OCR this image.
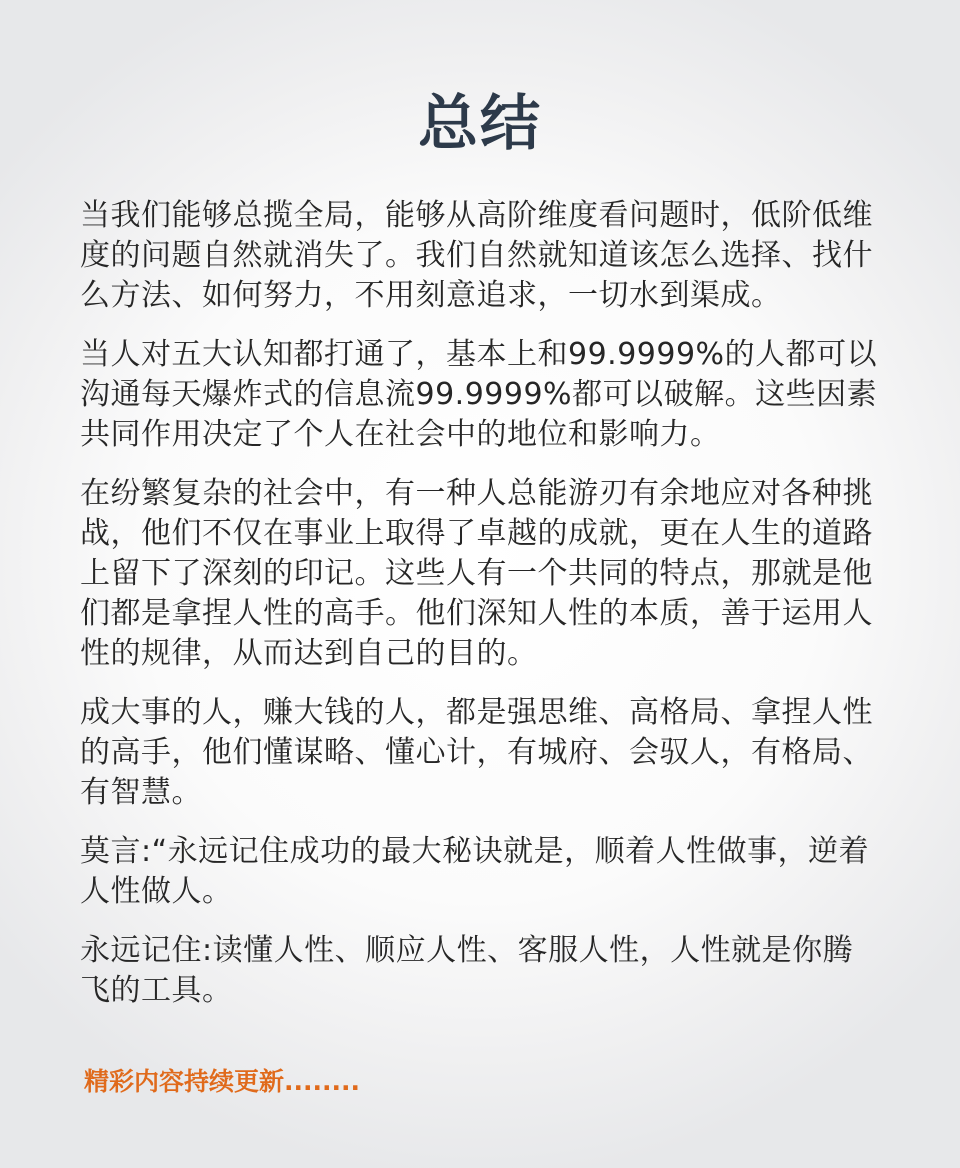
总结

当我们能够总揽全局，能够从高阶维度看问题时，低阶低维度的问题自然就消失了。我们自然就知道该怎么选择、找什么方法、如何努力，不用刻意追求，一切水到渠成。

当人对五大认知都打通了，基本上和99.9999%的人都可以沟通每天爆炸式的信息流99.9999%都可以破解。这些因素共同作用决定了个人在社会中的地位和影响力。

在纷繁复杂的社会中，有一种人总能游刃有余地应对各种挑战，他们不仅在事业上取得了卓越的成就，更在人生的道路上留下了深刻的印记。这些人有一个共同的特点，那就是他们都是拿捏人性的高手。他们深知人性的本质，善于运用人性的规律，从而达到自己的目的。

成大事的人，赚大钱的人，都是强思维、高格局、拿捏人性的高手，他们懂谋略、懂心计，有城府、会驭人，有格局、有智慧。

莫言:“永远记住成功的最大秘诀就是，顺着人性做事，逆着人性做人。

永远记住:读懂人性、顺应人性、客服人性，人性就是你腾飞的工具。

精彩内容持续更新........
